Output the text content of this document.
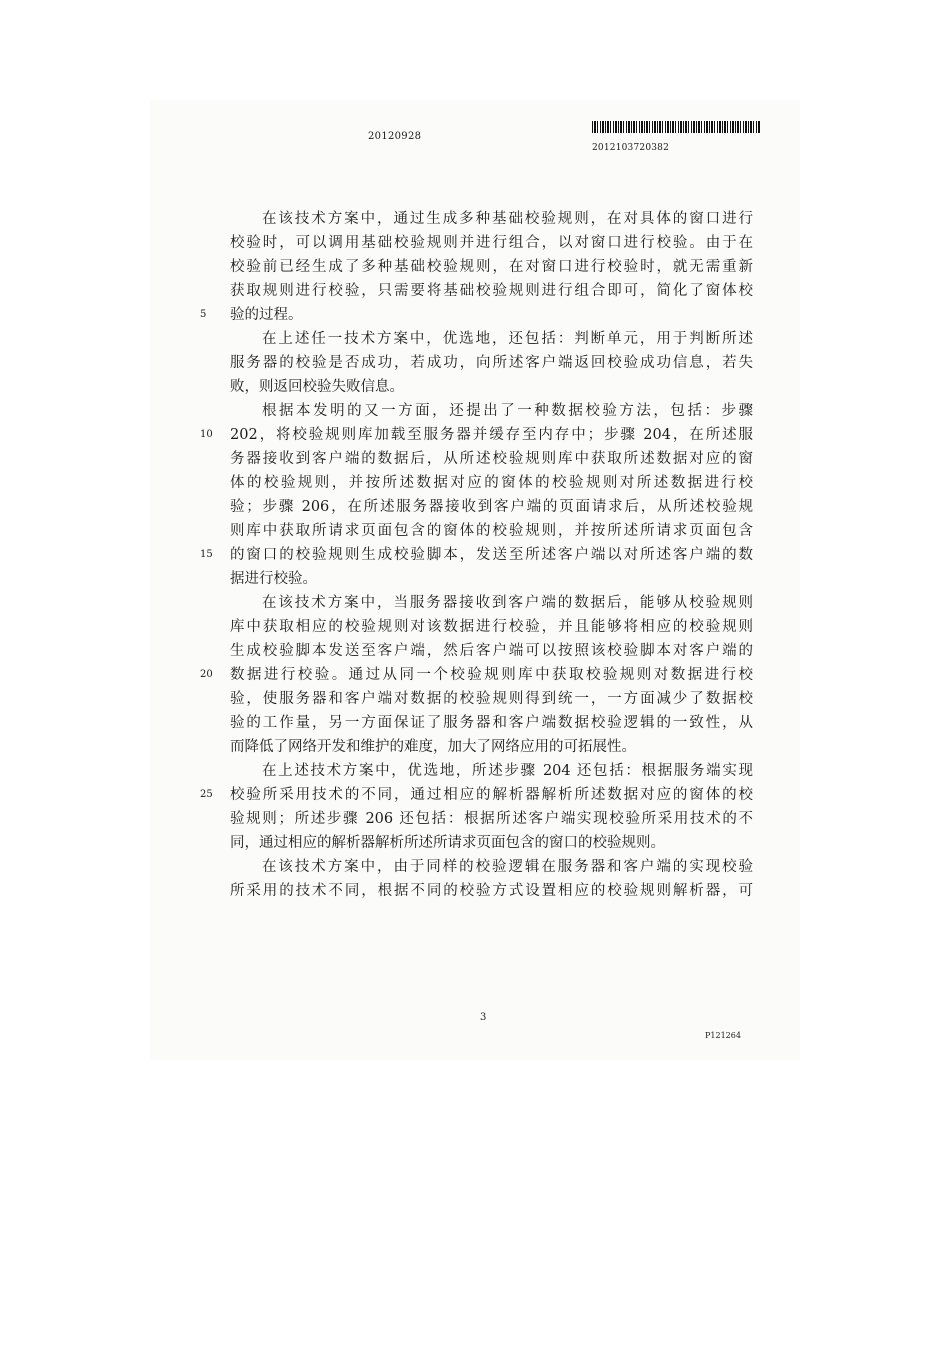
20120928
2012103720382
在该技术方案中，通过生成多种基础校验规则，在对具体的窗口进行
校验时，可以调用基础校验规则并进行组合，以对窗口进行校验。由于在
校验前已经生成了多种基础校验规则，在对窗口进行校验时，就无需重新
获取规则进行校验，只需要将基础校验规则进行组合即可，简化了窗体校
验的过程。
在上述任一技术方案中，优选地，还包括：判断单元，用于判断所述
服务器的校验是否成功，若成功，向所述客户端返回校验成功信息，若失
败，则返回校验失败信息。
根据本发明的又一方面，还提出了一种数据校验方法，包括：步骤
202，将校验规则库加载至服务器并缓存至内存中；步骤 204，在所述服
务器接收到客户端的数据后，从所述校验规则库中获取所述数据对应的窗
体的校验规则，并按所述数据对应的窗体的校验规则对所述数据进行校
验；步骤 206，在所述服务器接收到客户端的页面请求后，从所述校验规
则库中获取所请求页面包含的窗体的校验规则，并按所述所请求页面包含
的窗口的校验规则生成校验脚本，发送至所述客户端以对所述客户端的数
据进行校验。
在该技术方案中，当服务器接收到客户端的数据后，能够从校验规则
库中获取相应的校验规则对该数据进行校验，并且能够将相应的校验规则
生成校验脚本发送至客户端，然后客户端可以按照该校验脚本对客户端的
数据进行校验。通过从同一个校验规则库中获取校验规则对数据进行校
验，使服务器和客户端对数据的校验规则得到统一，一方面减少了数据校
验的工作量，另一方面保证了服务器和客户端数据校验逻辑的一致性，从
而降低了网络开发和维护的难度，加大了网络应用的可拓展性。
在上述技术方案中，优选地，所述步骤 204 还包括：根据服务端实现
校验所采用技术的不同，通过相应的解析器解析所述数据对应的窗体的校
验规则；所述步骤 206 还包括：根据所述客户端实现校验所采用技术的不
同，通过相应的解析器解析所述所请求页面包含的窗口的校验规则。
在该技术方案中，由于同样的校验逻辑在服务器和客户端的实现校验
所采用的技术不同，根据不同的校验方式设置相应的校验规则解析器，可
5
10
15
20
25
3
P121264
